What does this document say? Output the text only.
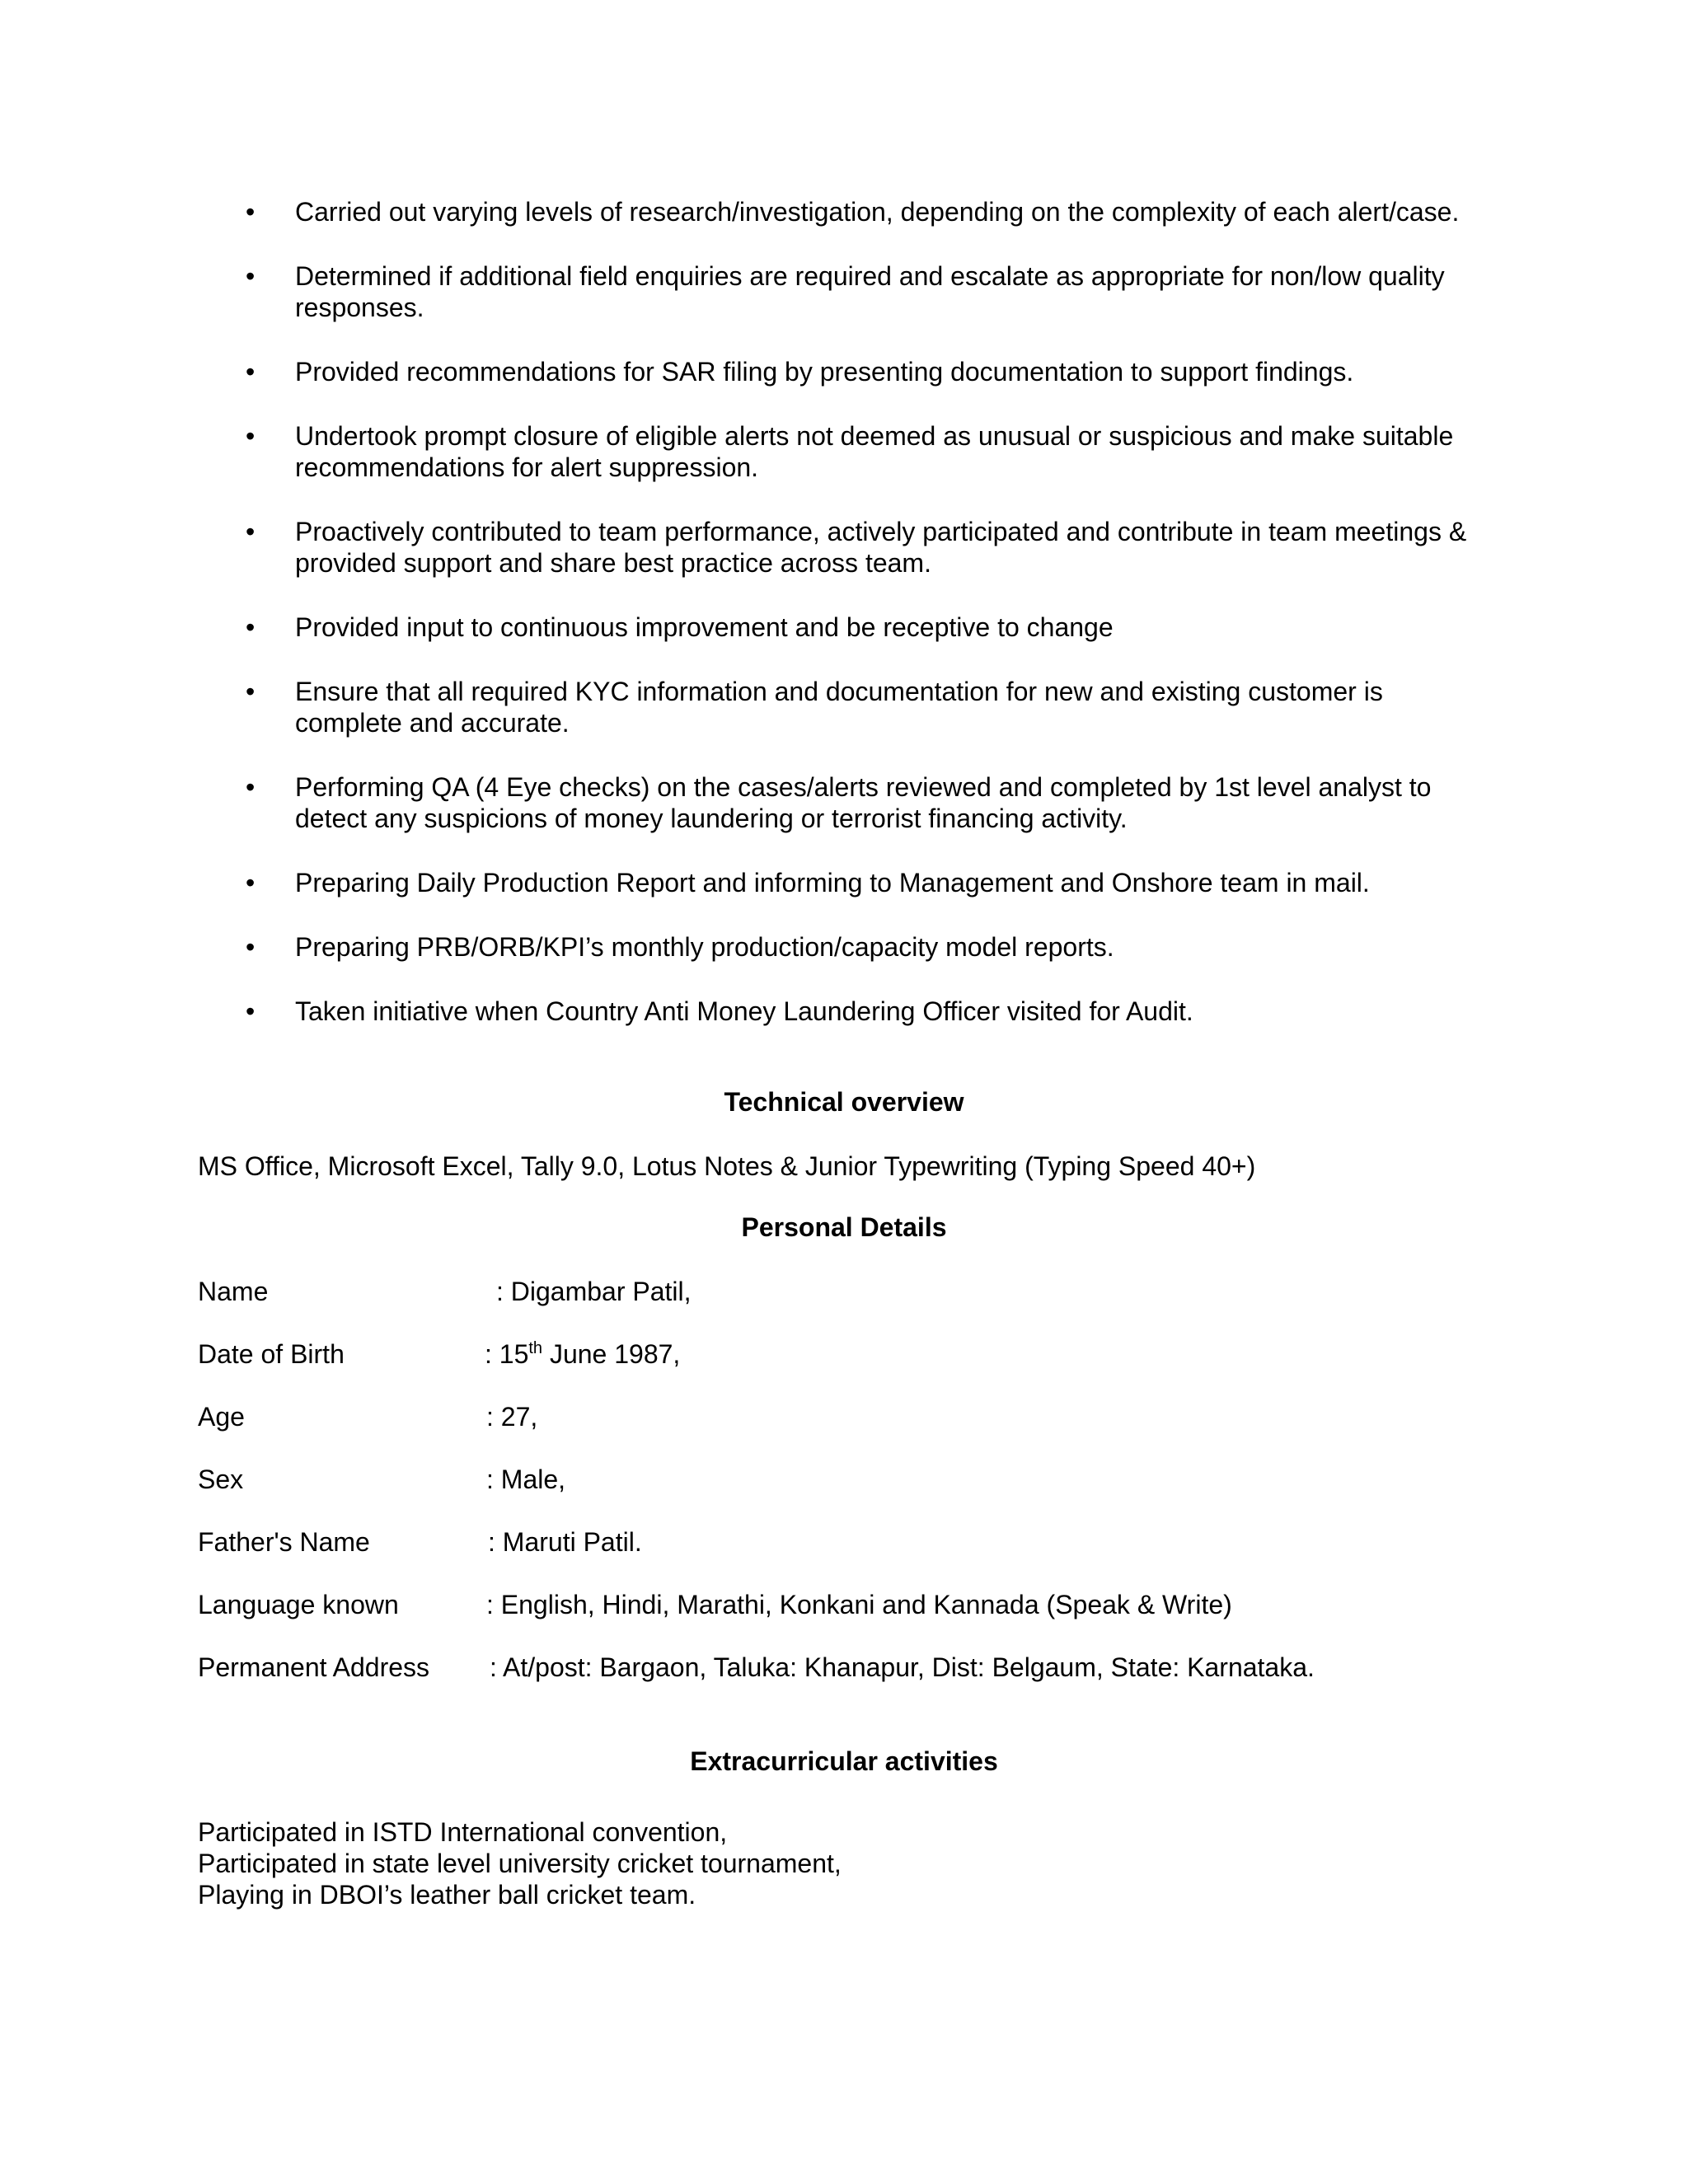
• Carried out varying levels of research/investigation, depending on the complexity of each alert/case.
• Determined if additional field enquiries are required and escalate as appropriate for non/low quality responses.
• Provided recommendations for SAR filing by presenting documentation to support findings.
• Undertook prompt closure of eligible alerts not deemed as unusual or suspicious and make suitable recommendations for alert suppression.
• Proactively contributed to team performance, actively participated and contribute in team meetings & provided support and share best practice across team.
• Provided input to continuous improvement and be receptive to change
• Ensure that all required KYC information and documentation for new and existing customer is complete and accurate.
• Performing QA (4 Eye checks) on the cases/alerts reviewed and completed by 1st level analyst to detect any suspicions of money laundering or terrorist financing activity.
• Preparing Daily Production Report and informing to Management and Onshore team in mail.
• Preparing PRB/ORB/KPI’s monthly production/capacity model reports.
• Taken initiative when Country Anti Money Laundering Officer visited for Audit.
Technical overview
MS Office, Microsoft Excel, Tally 9.0, Lotus Notes & Junior Typewriting (Typing Speed 40+)
Personal Details
Name	: Digambar Patil,
Date of Birth	: 15th June 1987,
Age	: 27,
Sex	: Male,
Father's Name	: Maruti Patil.
Language known	: English, Hindi, Marathi, Konkani and Kannada (Speak & Write)
Permanent Address : At/post: Bargaon, Taluka: Khanapur, Dist: Belgaum, State: Karnataka.
Extracurricular activities
Participated in ISTD International convention,
Participated in state level university cricket tournament,
Playing in DBOI’s leather ball cricket team.
